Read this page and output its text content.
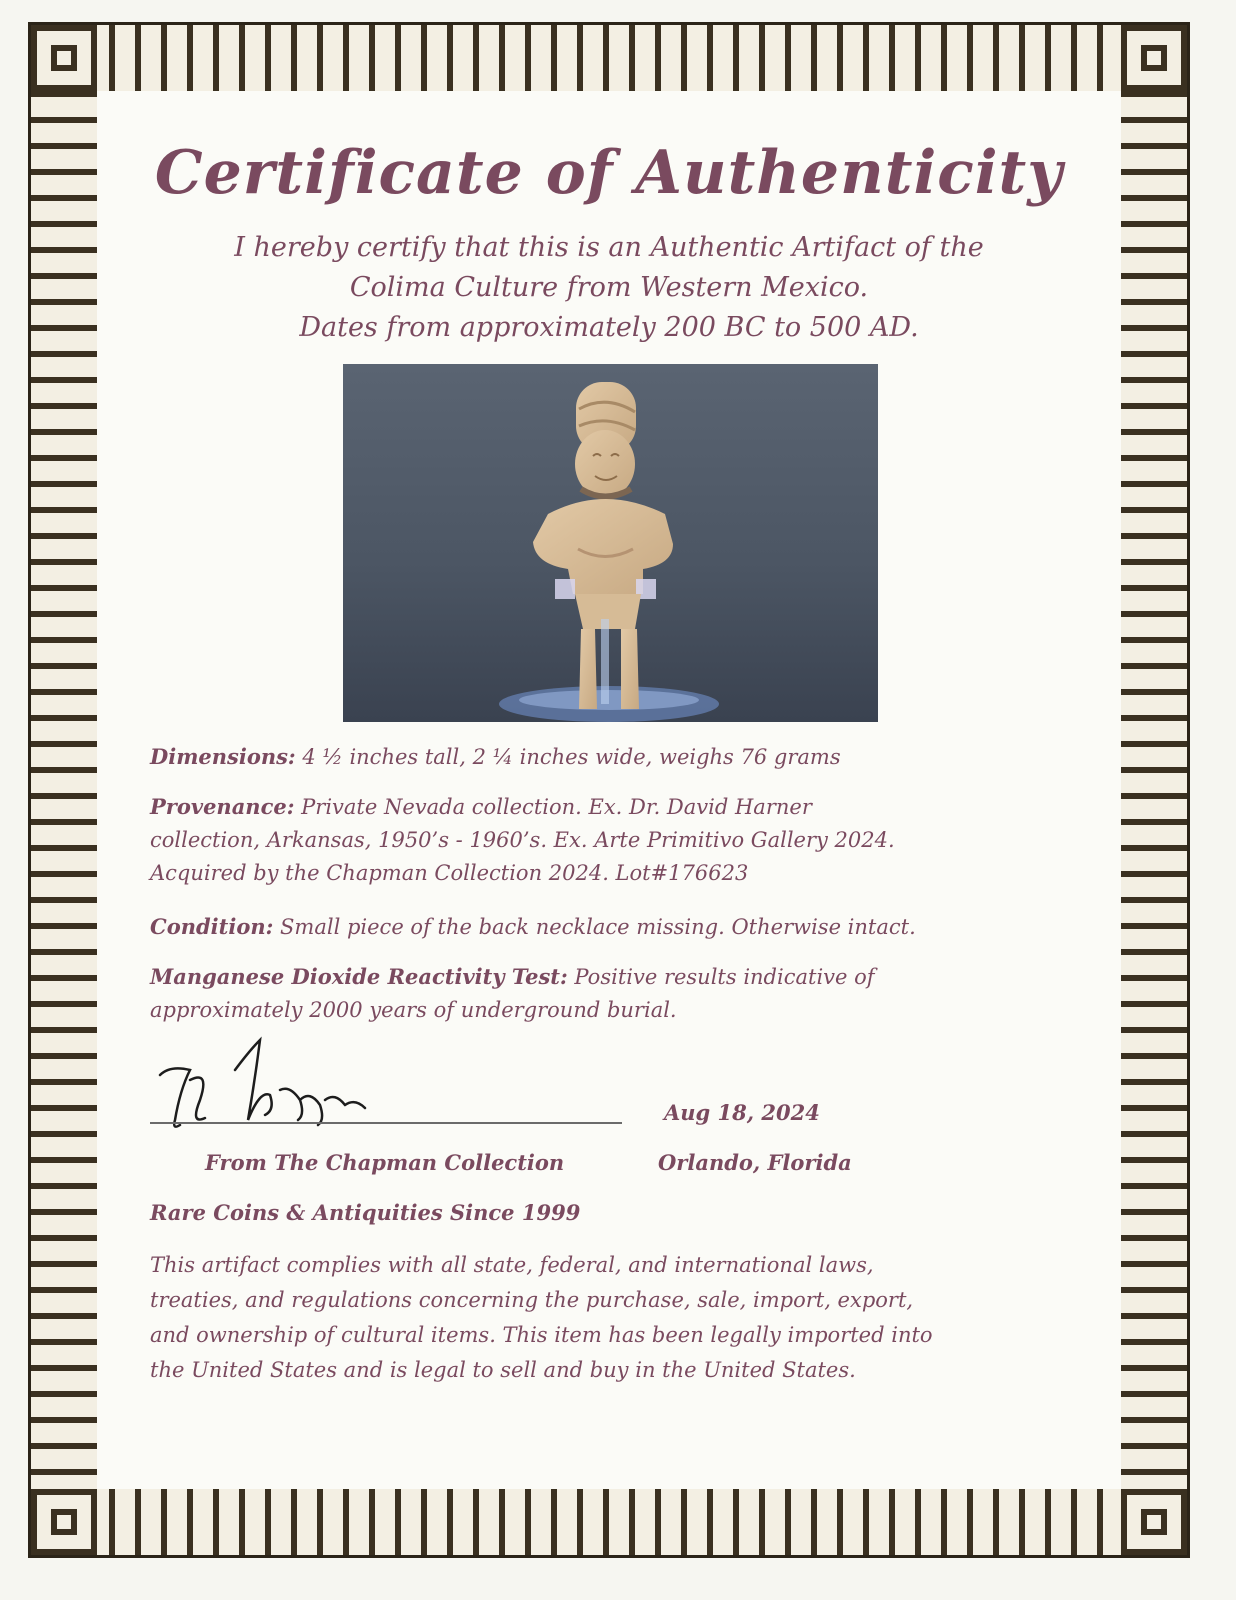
Certificate of Authenticity
I hereby certify that this is an Authentic Artifact of the
Colima Culture from Western Mexico.
Dates from approximately 200 BC to 500 AD.
Dimensions: 4 ½ inches tall, 2 ¼ inches wide, weighs 76 grams
Provenance: Private Nevada collection. Ex. Dr. David Harner
collection, Arkansas, 1950’s - 1960’s. Ex. Arte Primitivo Gallery 2024.
Acquired by the Chapman Collection 2024. Lot#176623
Condition: Small piece of the back necklace missing. Otherwise intact.
Manganese Dioxide Reactivity Test: Positive results indicative of
approximately 2000 years of underground burial.
Aug 18, 2024
From The Chapman Collection	Orlando, Florida
Rare Coins & Antiquities Since 1999
This artifact complies with all state, federal, and international laws,
treaties, and regulations concerning the purchase, sale, import, export,
and ownership of cultural items. This item has been legally imported into
the United States and is legal to sell and buy in the United States.
